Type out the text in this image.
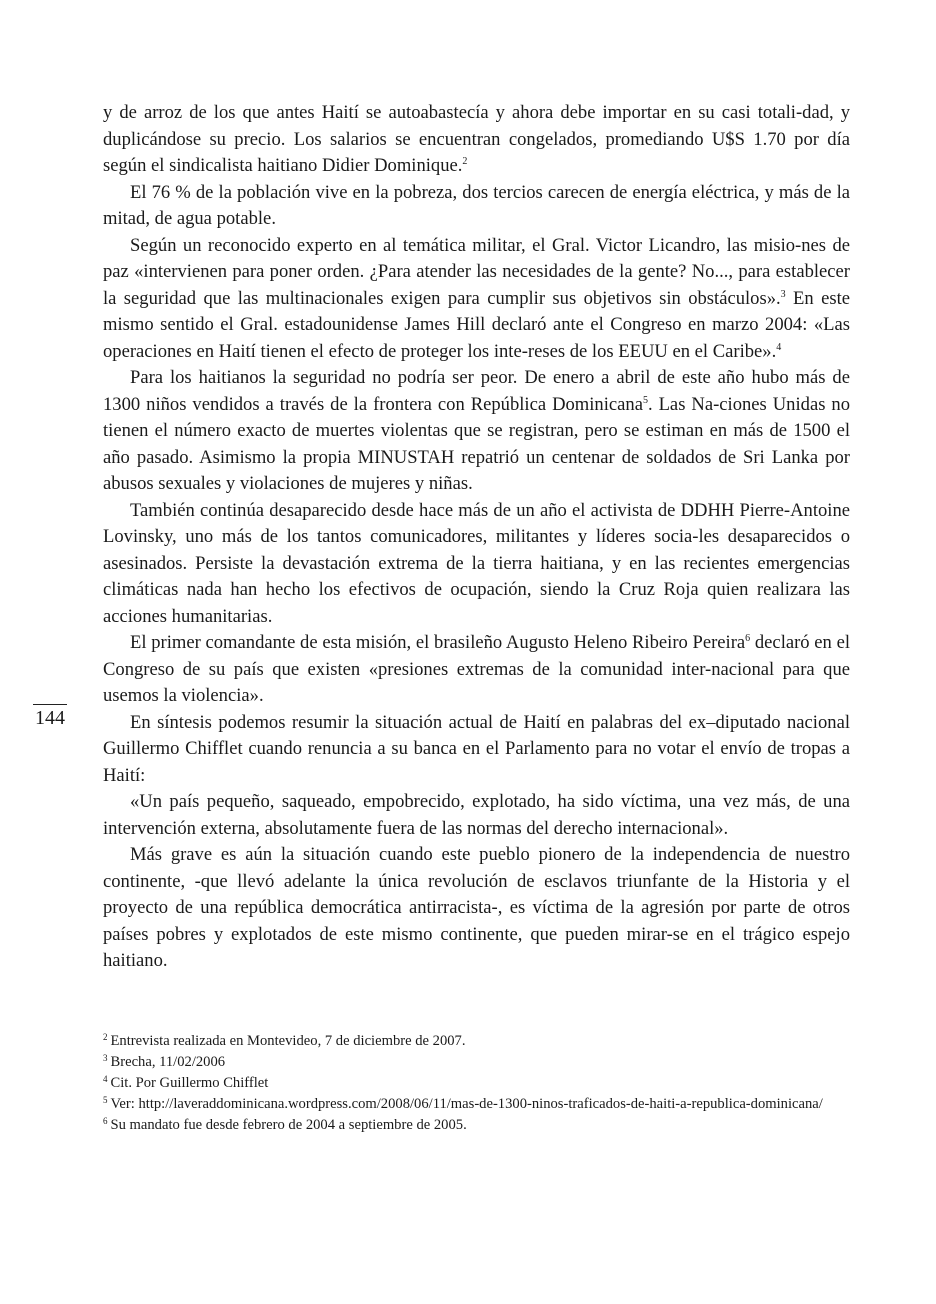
y de arroz de los que antes Haití se autoabastecía y ahora debe importar en su casi totali-dad, y duplicándose su precio. Los salarios se encuentran congelados, promediando U$S 1.70 por día según el sindicalista haitiano Didier Dominique.$^2$

El 76 % de la población vive en la pobreza, dos tercios carecen de energía eléctrica, y más de la mitad, de agua potable.

Según un reconocido experto en al temática militar, el Gral. Victor Licandro, las misio-nes de paz «intervienen para poner orden. ¿Para atender las necesidades de la gente? No..., para establecer la seguridad que las multinacionales exigen para cumplir sus objetivos sin obstáculos».$^3$ En este mismo sentido el Gral. estadounidense James Hill declaró ante el Congreso en marzo 2004: «Las operaciones en Haití tienen el efecto de proteger los inte-reses de los EEUU en el Caribe».$^4$

Para los haitianos la seguridad no podría ser peor. De enero a abril de este año hubo más de 1300 niños vendidos a través de la frontera con República Dominicana$^5$. Las Na-ciones Unidas no tienen el número exacto de muertes violentas que se registran, pero se estiman en más de 1500 el año pasado. Asimismo la propia MINUSTAH repatrió un centenar de soldados de Sri Lanka por abusos sexuales y violaciones de mujeres y niñas.

También continúa desaparecido desde hace más de un año el activista de DDHH Pierre-Antoine Lovinsky, uno más de los tantos comunicadores, militantes y líderes socia-les desaparecidos o asesinados. Persiste la devastación extrema de la tierra haitiana, y en las recientes emergencias climáticas nada han hecho los efectivos de ocupación, siendo la Cruz Roja quien realizara las acciones humanitarias.

El primer comandante de esta misión, el brasileño Augusto Heleno Ribeiro Pereira$^6$ declaró en el Congreso de su país que existen «presiones extremas de la comunidad inter-nacional para que usemos la violencia».

En síntesis podemos resumir la situación actual de Haití en palabras del ex–diputado nacional Guillermo Chifflet cuando renuncia a su banca en el Parlamento para no votar el envío de tropas a Haití:

«Un país pequeño, saqueado, empobrecido, explotado, ha sido víctima, una vez más, de una intervención externa, absolutamente fuera de las normas del derecho internacional».

Más grave es aún la situación cuando este pueblo pionero de la independencia de nuestro continente, -que llevó adelante la única revolución de esclavos triunfante de la Historia y el proyecto de una república democrática antirracista-, es víctima de la agresión por parte de otros países pobres y explotados de este mismo continente, que pueden mirar-se en el trágico espejo haitiano.

144

$^2$ Entrevista realizada en Montevideo, 7 de diciembre de 2007.

$^3$ Brecha, 11/02/2006

$^4$ Cit. Por Guillermo Chifflet

$^5$ Ver: http://laveraddominicana.wordpress.com/2008/06/11/mas-de-1300-ninos-traficados-de-haiti-a-republica-dominicana/

$^6$ Su mandato fue desde febrero de 2004 a septiembre de 2005.
